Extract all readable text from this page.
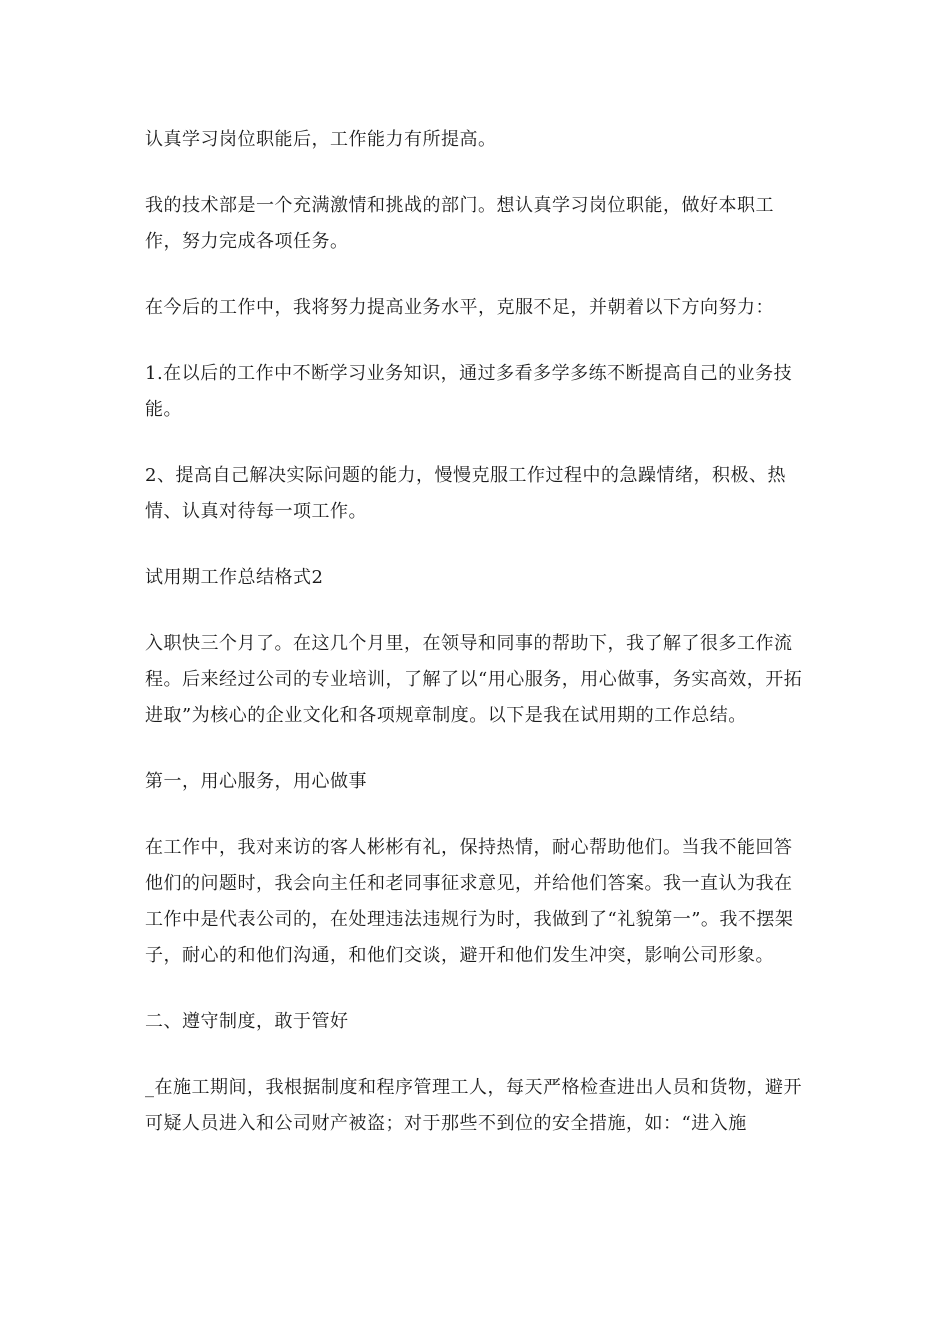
认真学习岗位职能后，工作能力有所提高。

我的技术部是一个充满激情和挑战的部门。想认真学习岗位职能，做好本职工作，努力完成各项任务。

在今后的工作中，我将努力提高业务水平，克服不足，并朝着以下方向努力：

1.在以后的工作中不断学习业务知识，通过多看多学多练不断提高自己的业务技能。

2、提高自己解决实际问题的能力，慢慢克服工作过程中的急躁情绪，积极、热情、认真对待每一项工作。

试用期工作总结格式2

入职快三个月了。在这几个月里，在领导和同事的帮助下，我了解了很多工作流程。后来经过公司的专业培训，了解了以“用心服务，用心做事，务实高效，开拓进取”为核心的企业文化和各项规章制度。以下是我在试用期的工作总结。

第一，用心服务，用心做事

在工作中，我对来访的客人彬彬有礼，保持热情，耐心帮助他们。当我不能回答他们的问题时，我会向主任和老同事征求意见，并给他们答案。我一直认为我在工作中是代表公司的，在处理违法违规行为时，我做到了“礼貌第一”。我不摆架子，耐心的和他们沟通，和他们交谈，避开和他们发生冲突，影响公司形象。

二、遵守制度，敢于管好

_在施工期间，我根据制度和程序管理工人，每天严格检查进出人员和货物，避开可疑人员进入和公司财产被盗；对于那些不到位的安全措施，如：“进入施
